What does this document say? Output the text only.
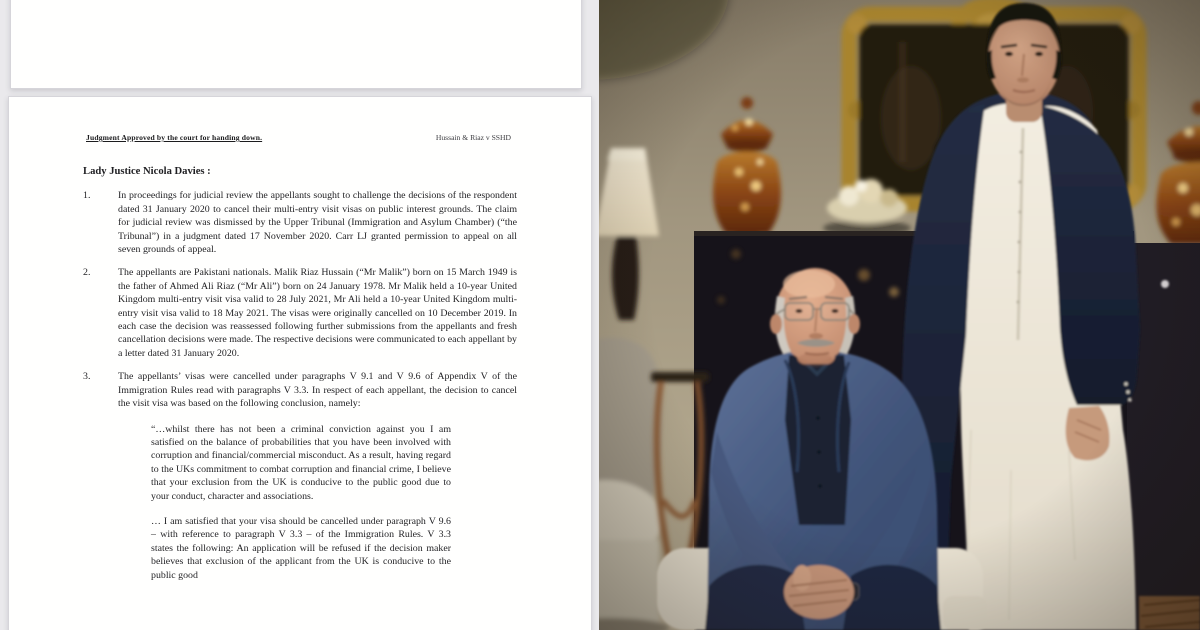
Judgment Approved by the court for handing down.	Hussain & Riaz v SSHD

Lady Justice Nicola Davies :

1.	In proceedings for judicial review the appellants sought to challenge the decisions of the respondent dated 31 January 2020 to cancel their multi-entry visit visas on public interest grounds. The claim for judicial review was dismissed by the Upper Tribunal (Immigration and Asylum Chamber) (“the Tribunal”) in a judgment dated 17 November 2020. Carr LJ granted permission to appeal on all seven grounds of appeal.
2.	The appellants are Pakistani nationals. Malik Riaz Hussain (“Mr Malik”) born on 15 March 1949 is the father of Ahmed Ali Riaz (“Mr Ali”) born on 24 January 1978. Mr Malik held a 10-year United Kingdom multi-entry visit visa valid to 28 July 2021, Mr Ali held a 10-year United Kingdom multi-entry visit visa valid to 18 May 2021. The visas were originally cancelled on 10 December 2019. In each case the decision was reassessed following further submissions from the appellants and fresh cancellation decisions were made. The respective decisions were communicated to each appellant by a letter dated 31 January 2020.
3.	The appellants’ visas were cancelled under paragraphs V 9.1 and V 9.6 of Appendix V of the Immigration Rules read with paragraphs V 3.3. In respect of each appellant, the decision to cancel the visit visa was based on the following conclusion, namely:
“…whilst there has not been a criminal conviction against you I am satisfied on the balance of probabilities that you have been involved with corruption and financial/commercial misconduct. As a result, having regard to the UKs commitment to combat corruption and financial crime, I believe that your exclusion from the UK is conducive to the public good due to your conduct, character and associations.
… I am satisfied that your visa should be cancelled under paragraph V 9.6 – with reference to paragraph V 3.3 – of the Immigration Rules. V 3.3 states the following: An application will be refused if the decision maker believes that exclusion of the applicant from the UK is conducive to the public good
